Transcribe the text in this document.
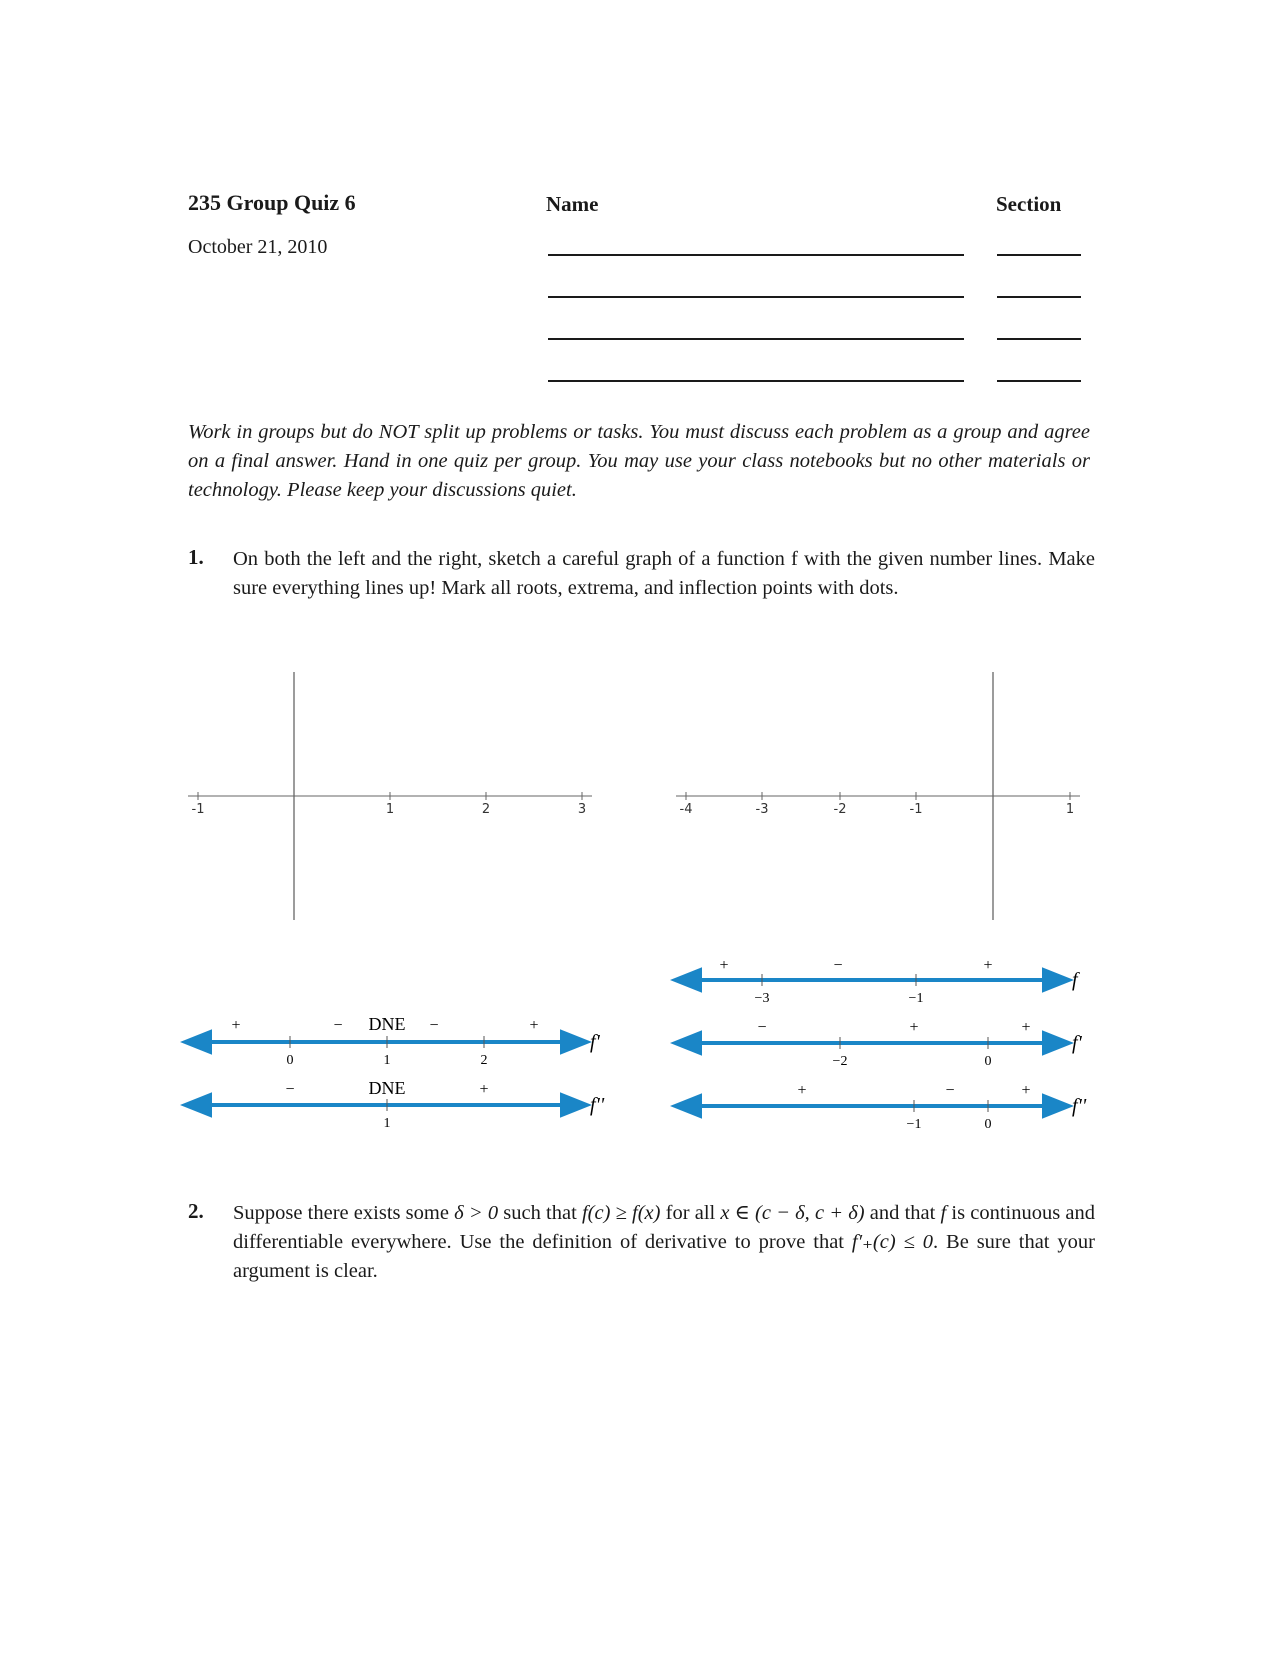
235 Group Quiz 6
October 21, 2010
Name	Section
Work in groups but do NOT split up problems or tasks. You must discuss each problem as a group and agree on a final answer. Hand in one quiz per group. You may use your class notebooks but no other materials or technology. Please keep your discussions quiet.
1. On both the left and the right, sketch a careful graph of a function f with the given number lines. Make sure everything lines up! Mark all roots, extrema, and inflection points with dots.
-1	1	2	3	-4	-3	-2	-1	1
+	− DNE −	+
0	1	2
f'
−	DNE	+
1
f''
+	−	+
−3	−1
f
−	+	+
−2	0
f'
+	−	+
−1	0
f''
2. Suppose there exists some δ > 0 such that f(c) ≥ f(x) for all x ∈ (c − δ, c + δ) and that f is continuous and differentiable everywhere. Use the definition of derivative to prove that f′₊(c) ≤ 0. Be sure that your argument is clear.
